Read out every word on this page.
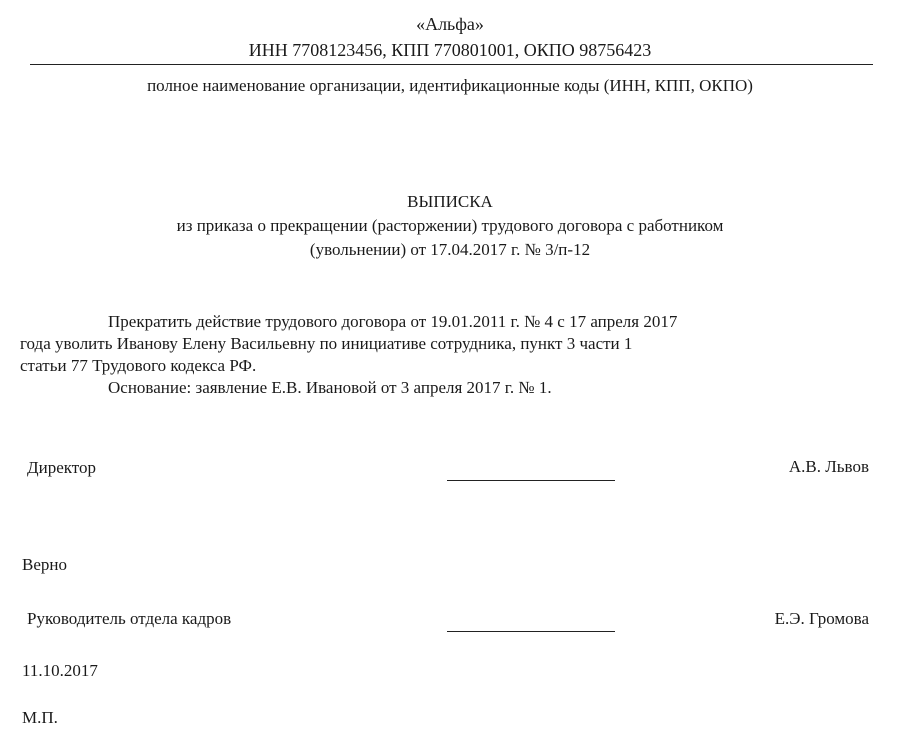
«Альфа»
ИНН 7708123456, КПП 770801001, ОКПО 98756423
полное наименование организации, идентификационные коды (ИНН, КПП, ОКПО)
ВЫПИСКА
из приказа о прекращении (расторжении) трудового договора с работником
(увольнении) от 17.04.2017 г. № 3/п-12
Прекратить действие трудового договора от 19.01.2011 г. № 4 с 17 апреля 2017
года уволить Иванову Елену Васильевну по инициативе сотрудника, пункт 3 части 1
статьи 77 Трудового кодекса РФ.
Основание: заявление Е.В. Ивановой от 3 апреля 2017 г. № 1.
Директор	А.В. Львов
Верно
Руководитель отдела кадров	Е.Э. Громова
11.10.2017
М.П.
